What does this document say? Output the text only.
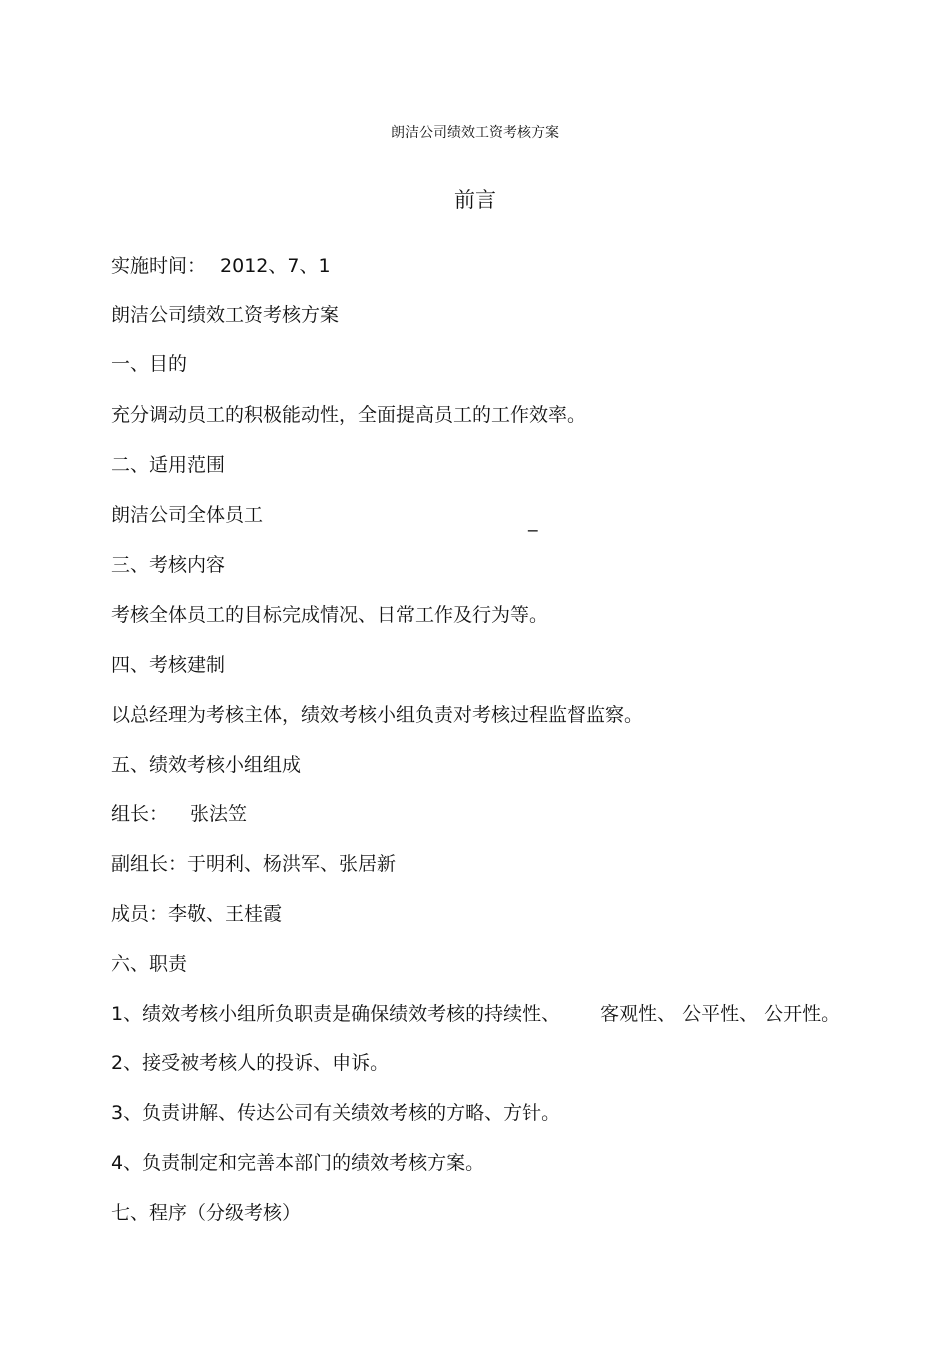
朗洁公司绩效工资考核方案
前言
实施时间： 2012、7、1
朗洁公司绩效工资考核方案
一、目的
充分调动员工的积极能动性，全面提高员工的工作效率。
二、适用范围
朗洁公司全体员工	_
三、考核内容
考核全体员工的目标完成情况、日常工作及行为等。
四、考核建制
以总经理为考核主体，绩效考核小组负责对考核过程监督监察。
五、绩效考核小组组成
组长： 张法笠
副组长：于明利、杨洪军、张居新
成员：李敬、王桂霞
六、职责
1、绩效考核小组所负职责是确保绩效考核的持续性、 客观性、 公平性、 公开性。
2、接受被考核人的投诉、申诉。
3、负责讲解、传达公司有关绩效考核的方略、方针。
4、负责制定和完善本部门的绩效考核方案。
七、程序（分级考核）
